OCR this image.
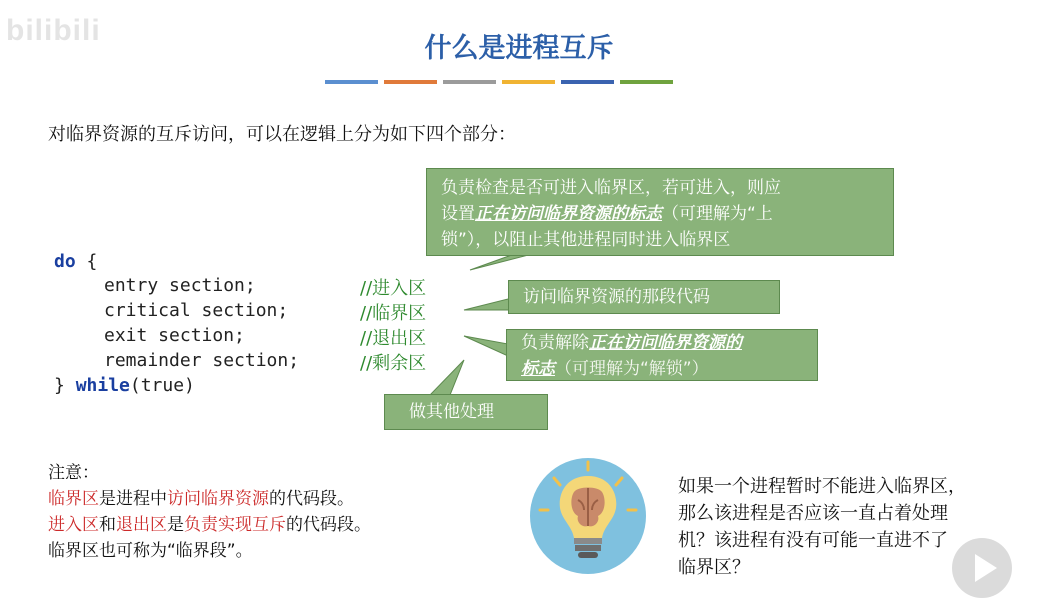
bilibili
什么是进程互斥
对临界资源的互斥访问，可以在逻辑上分为如下四个部分：
do {
entry section;	//进入区
critical section;	//临界区
exit section;	//退出区
remainder section;	//剩余区
} while(true)
负责检查是否可进入临界区，若可进入，则应
设置正在访问临界资源的标志（可理解为“上
锁”），以阻止其他进程同时进入临界区
访问临界资源的那段代码
负责解除正在访问临界资源的
标志（可理解为“解锁”）
做其他处理
注意：
临界区是进程中访问临界资源的代码段。
进入区和退出区是负责实现互斥的代码段。
临界区也可称为“临界段”。
如果一个进程暂时不能进入临界区，
那么该进程是否应该一直占着处理
机？该进程有没有可能一直进不了
临界区？
